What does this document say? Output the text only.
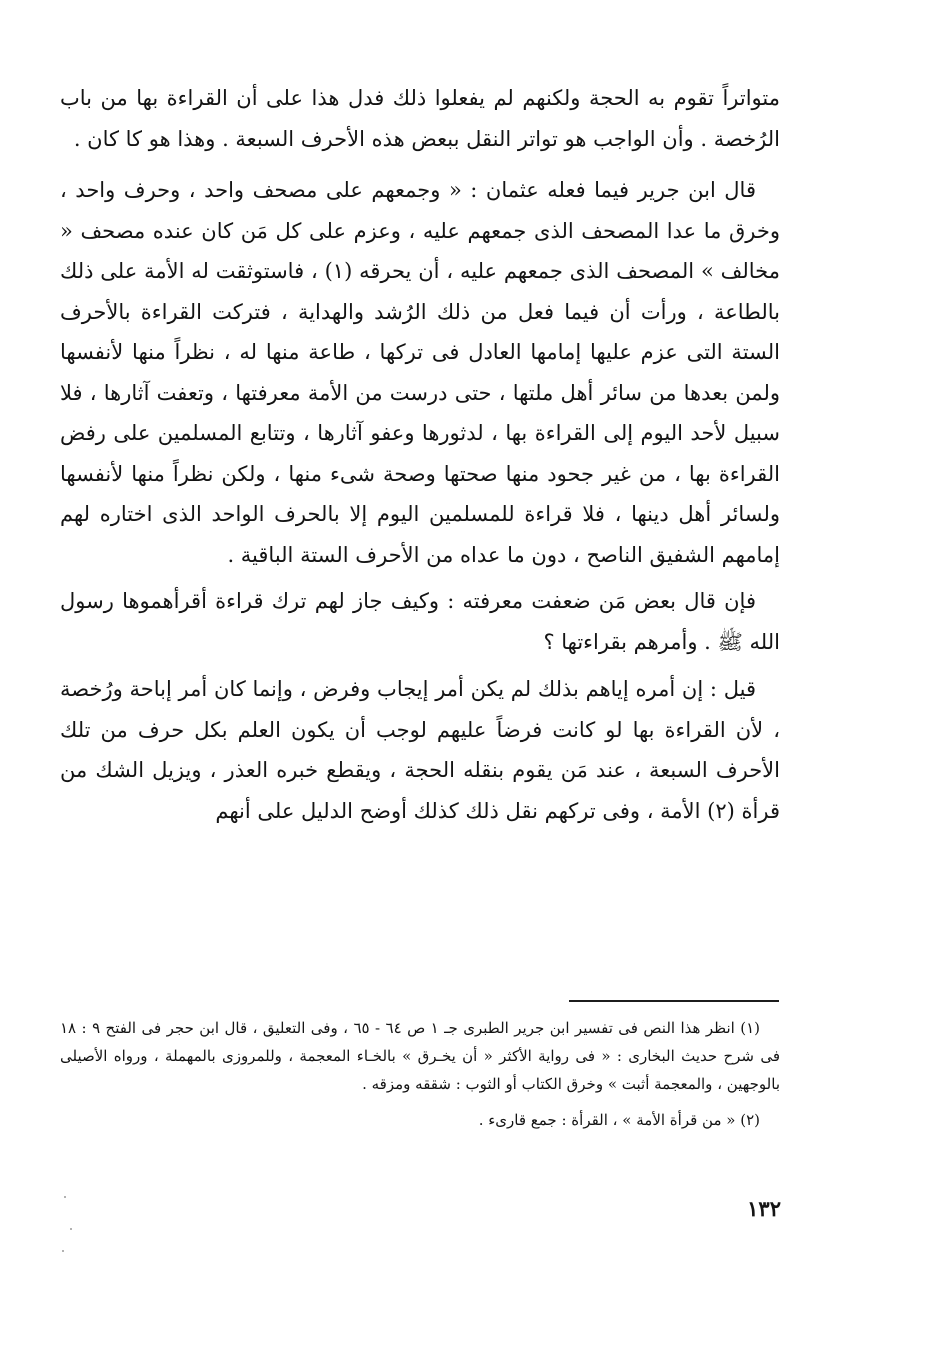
متواتراً تقوم به الحجة ولكنهم لم يفعلوا ذلك فدل هذا على أن القراءة بها من باب الرُخصة . وأن الواجب هو تواتر النقل ببعض هذه الأحرف السبعة . وهذا هو كا كان .

قال ابن جرير فيما فعله عثمان : « وجمعهم على مصحف واحد ، وحرف واحد ، وخرق ما عدا المصحف الذى جمعهم عليه ، وعزم على كل مَن كان عنده مصحف « مخالف » المصحف الذى جمعهم عليه ، أن يحرقه (١) ، فاستوثقت له الأمة على ذلك بالطاعة ، ورأت أن فيما فعل من ذلك الرُشد والهداية ، فتركت القراءة بالأحرف الستة التى عزم عليها إمامها العادل فى تركها ، طاعة منها له ، نظراً منها لأنفسها ولمن بعدها من سائر أهل ملتها ، حتى درست من الأمة معرفتها ، وتعفت آثارها ، فلا سبيل لأحد اليوم إلى القراءة بها ، لدثورها وعفو آثارها ، وتتابع المسلمين على رفض القراءة بها ، من غير جحود منها صحتها وصحة شىء منها ، ولكن نظراً منها لأنفسها ولسائر أهل دينها ، فلا قراءة للمسلمين اليوم إلا بالحرف الواحد الذى اختاره لهم إمامهم الشفيق الناصح ، دون ما عداه من الأحرف الستة الباقية .

فإن قال بعض مَن ضعفت معرفته : وكيف جاز لهم ترك قراءة أقرأهموها رسول الله ﷺ . وأمرهم بقراءتها ؟

قيل : إن أمره إياهم بذلك لم يكن أمر إيجاب وفرض ، وإنما كان أمر إباحة ورُخصة ، لأن القراءة بها لو كانت فرضاً عليهم لوجب أن يكون العلم بكل حرف من تلك الأحرف السبعة ، عند مَن يقوم بنقله الحجة ، ويقطع خبره العذر ، ويزيل الشك من قرأة (٢) الأمة ، وفى تركهم نقل ذلك كذلك أوضح الدليل على أنهم

(١) انظر هذا النص فى تفسير ابن جرير الطبرى جـ ١ ص ٦٤ - ٦٥ ، وفى التعليق ، قال ابن حجر فى الفتح ٩ : ١٨ فى شرح حديث البخارى : « فى رواية الأكثر « أن يخـرق » بالخـاء المعجمة ، وللمروزى بالمهملة ، ورواه الأصيلى بالوجهين ، والمعجمة أثبت » وخرق الكتاب أو الثوب : شققه ومزقه .

(٢) « من قرأة الأمة » ، القرأة : جمع قارىء .

١٣٢
